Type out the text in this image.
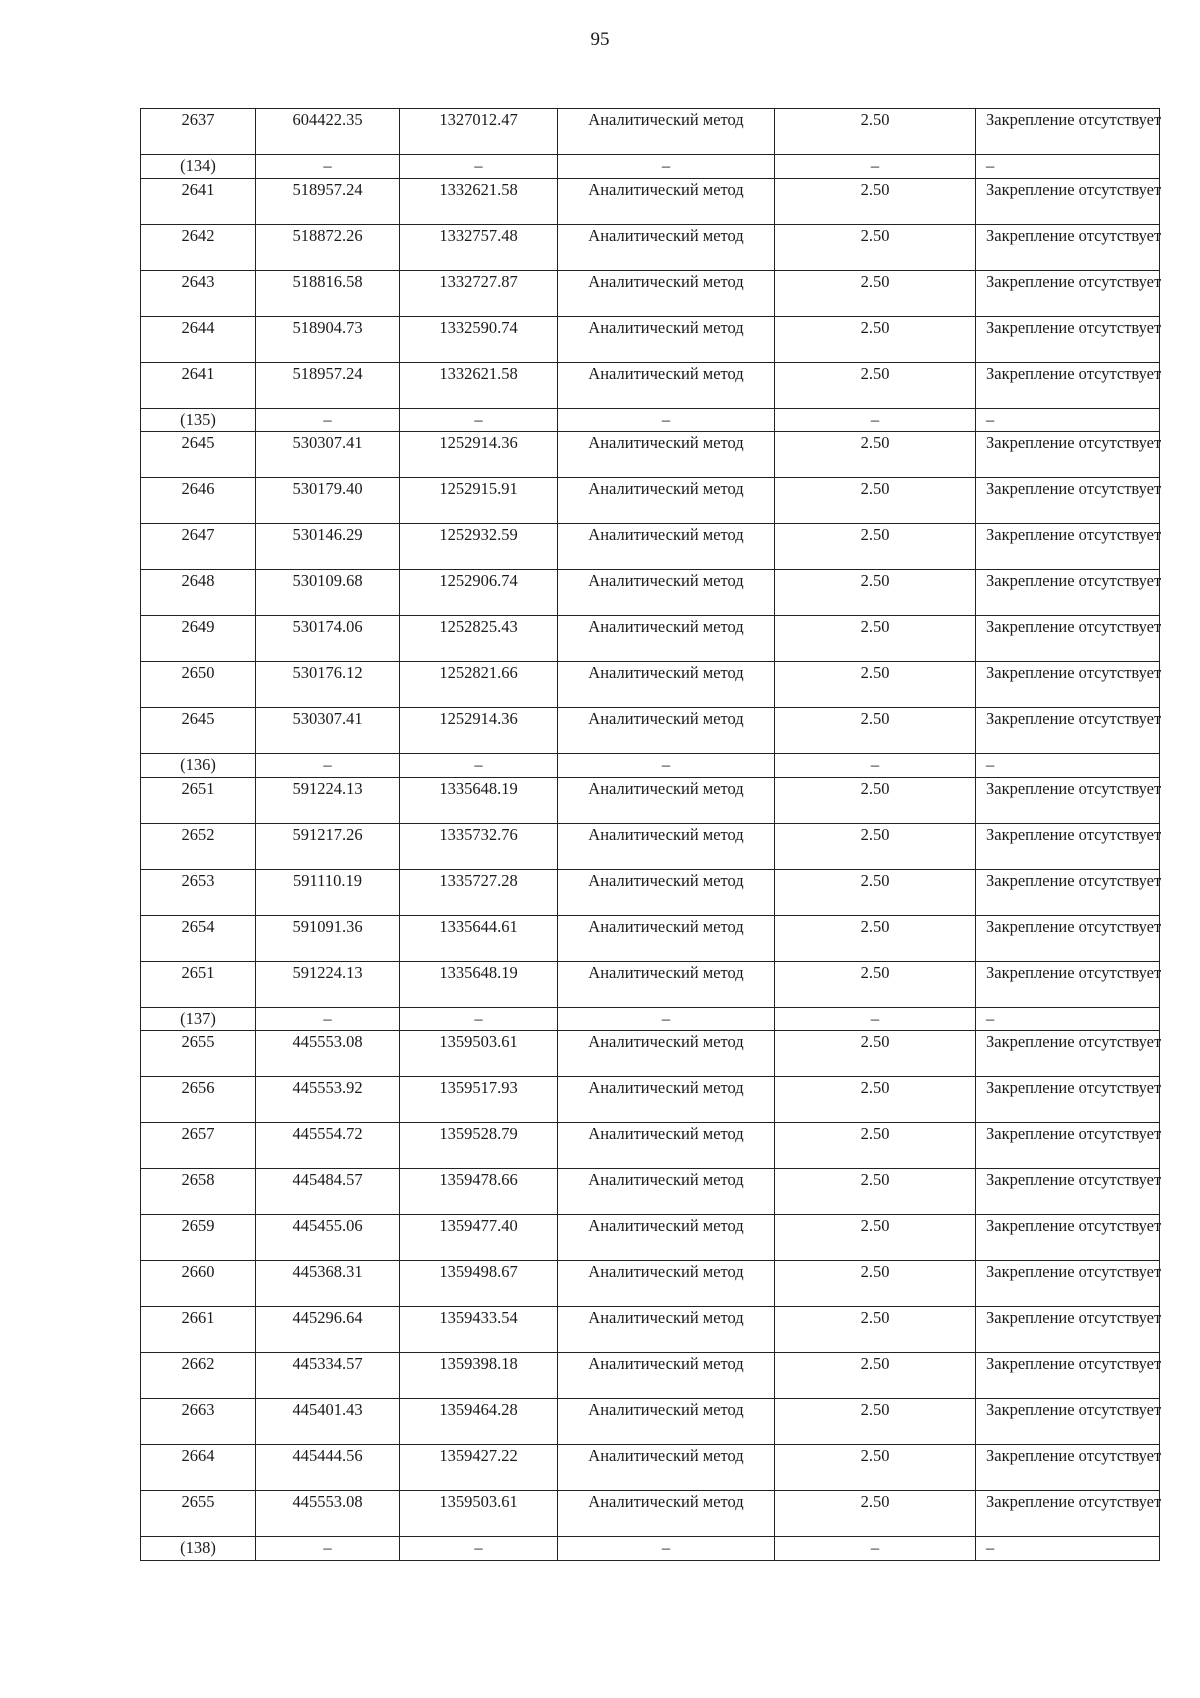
95
2637	604422.35	1327012.47	Аналитический метод	2.50	Закрепление отсутствует
(134)	–	–	–	–	–
2641	518957.24	1332621.58	Аналитический метод	2.50	Закрепление отсутствует
2642	518872.26	1332757.48	Аналитический метод	2.50	Закрепление отсутствует
2643	518816.58	1332727.87	Аналитический метод	2.50	Закрепление отсутствует
2644	518904.73	1332590.74	Аналитический метод	2.50	Закрепление отсутствует
2641	518957.24	1332621.58	Аналитический метод	2.50	Закрепление отсутствует
(135)	–	–	–	–	–
2645	530307.41	1252914.36	Аналитический метод	2.50	Закрепление отсутствует
2646	530179.40	1252915.91	Аналитический метод	2.50	Закрепление отсутствует
2647	530146.29	1252932.59	Аналитический метод	2.50	Закрепление отсутствует
2648	530109.68	1252906.74	Аналитический метод	2.50	Закрепление отсутствует
2649	530174.06	1252825.43	Аналитический метод	2.50	Закрепление отсутствует
2650	530176.12	1252821.66	Аналитический метод	2.50	Закрепление отсутствует
2645	530307.41	1252914.36	Аналитический метод	2.50	Закрепление отсутствует
(136)	–	–	–	–	–
2651	591224.13	1335648.19	Аналитический метод	2.50	Закрепление отсутствует
2652	591217.26	1335732.76	Аналитический метод	2.50	Закрепление отсутствует
2653	591110.19	1335727.28	Аналитический метод	2.50	Закрепление отсутствует
2654	591091.36	1335644.61	Аналитический метод	2.50	Закрепление отсутствует
2651	591224.13	1335648.19	Аналитический метод	2.50	Закрепление отсутствует
(137)	–	–	–	–	–
2655	445553.08	1359503.61	Аналитический метод	2.50	Закрепление отсутствует
2656	445553.92	1359517.93	Аналитический метод	2.50	Закрепление отсутствует
2657	445554.72	1359528.79	Аналитический метод	2.50	Закрепление отсутствует
2658	445484.57	1359478.66	Аналитический метод	2.50	Закрепление отсутствует
2659	445455.06	1359477.40	Аналитический метод	2.50	Закрепление отсутствует
2660	445368.31	1359498.67	Аналитический метод	2.50	Закрепление отсутствует
2661	445296.64	1359433.54	Аналитический метод	2.50	Закрепление отсутствует
2662	445334.57	1359398.18	Аналитический метод	2.50	Закрепление отсутствует
2663	445401.43	1359464.28	Аналитический метод	2.50	Закрепление отсутствует
2664	445444.56	1359427.22	Аналитический метод	2.50	Закрепление отсутствует
2655	445553.08	1359503.61	Аналитический метод	2.50	Закрепление отсутствует
(138)	–	–	–	–	–
